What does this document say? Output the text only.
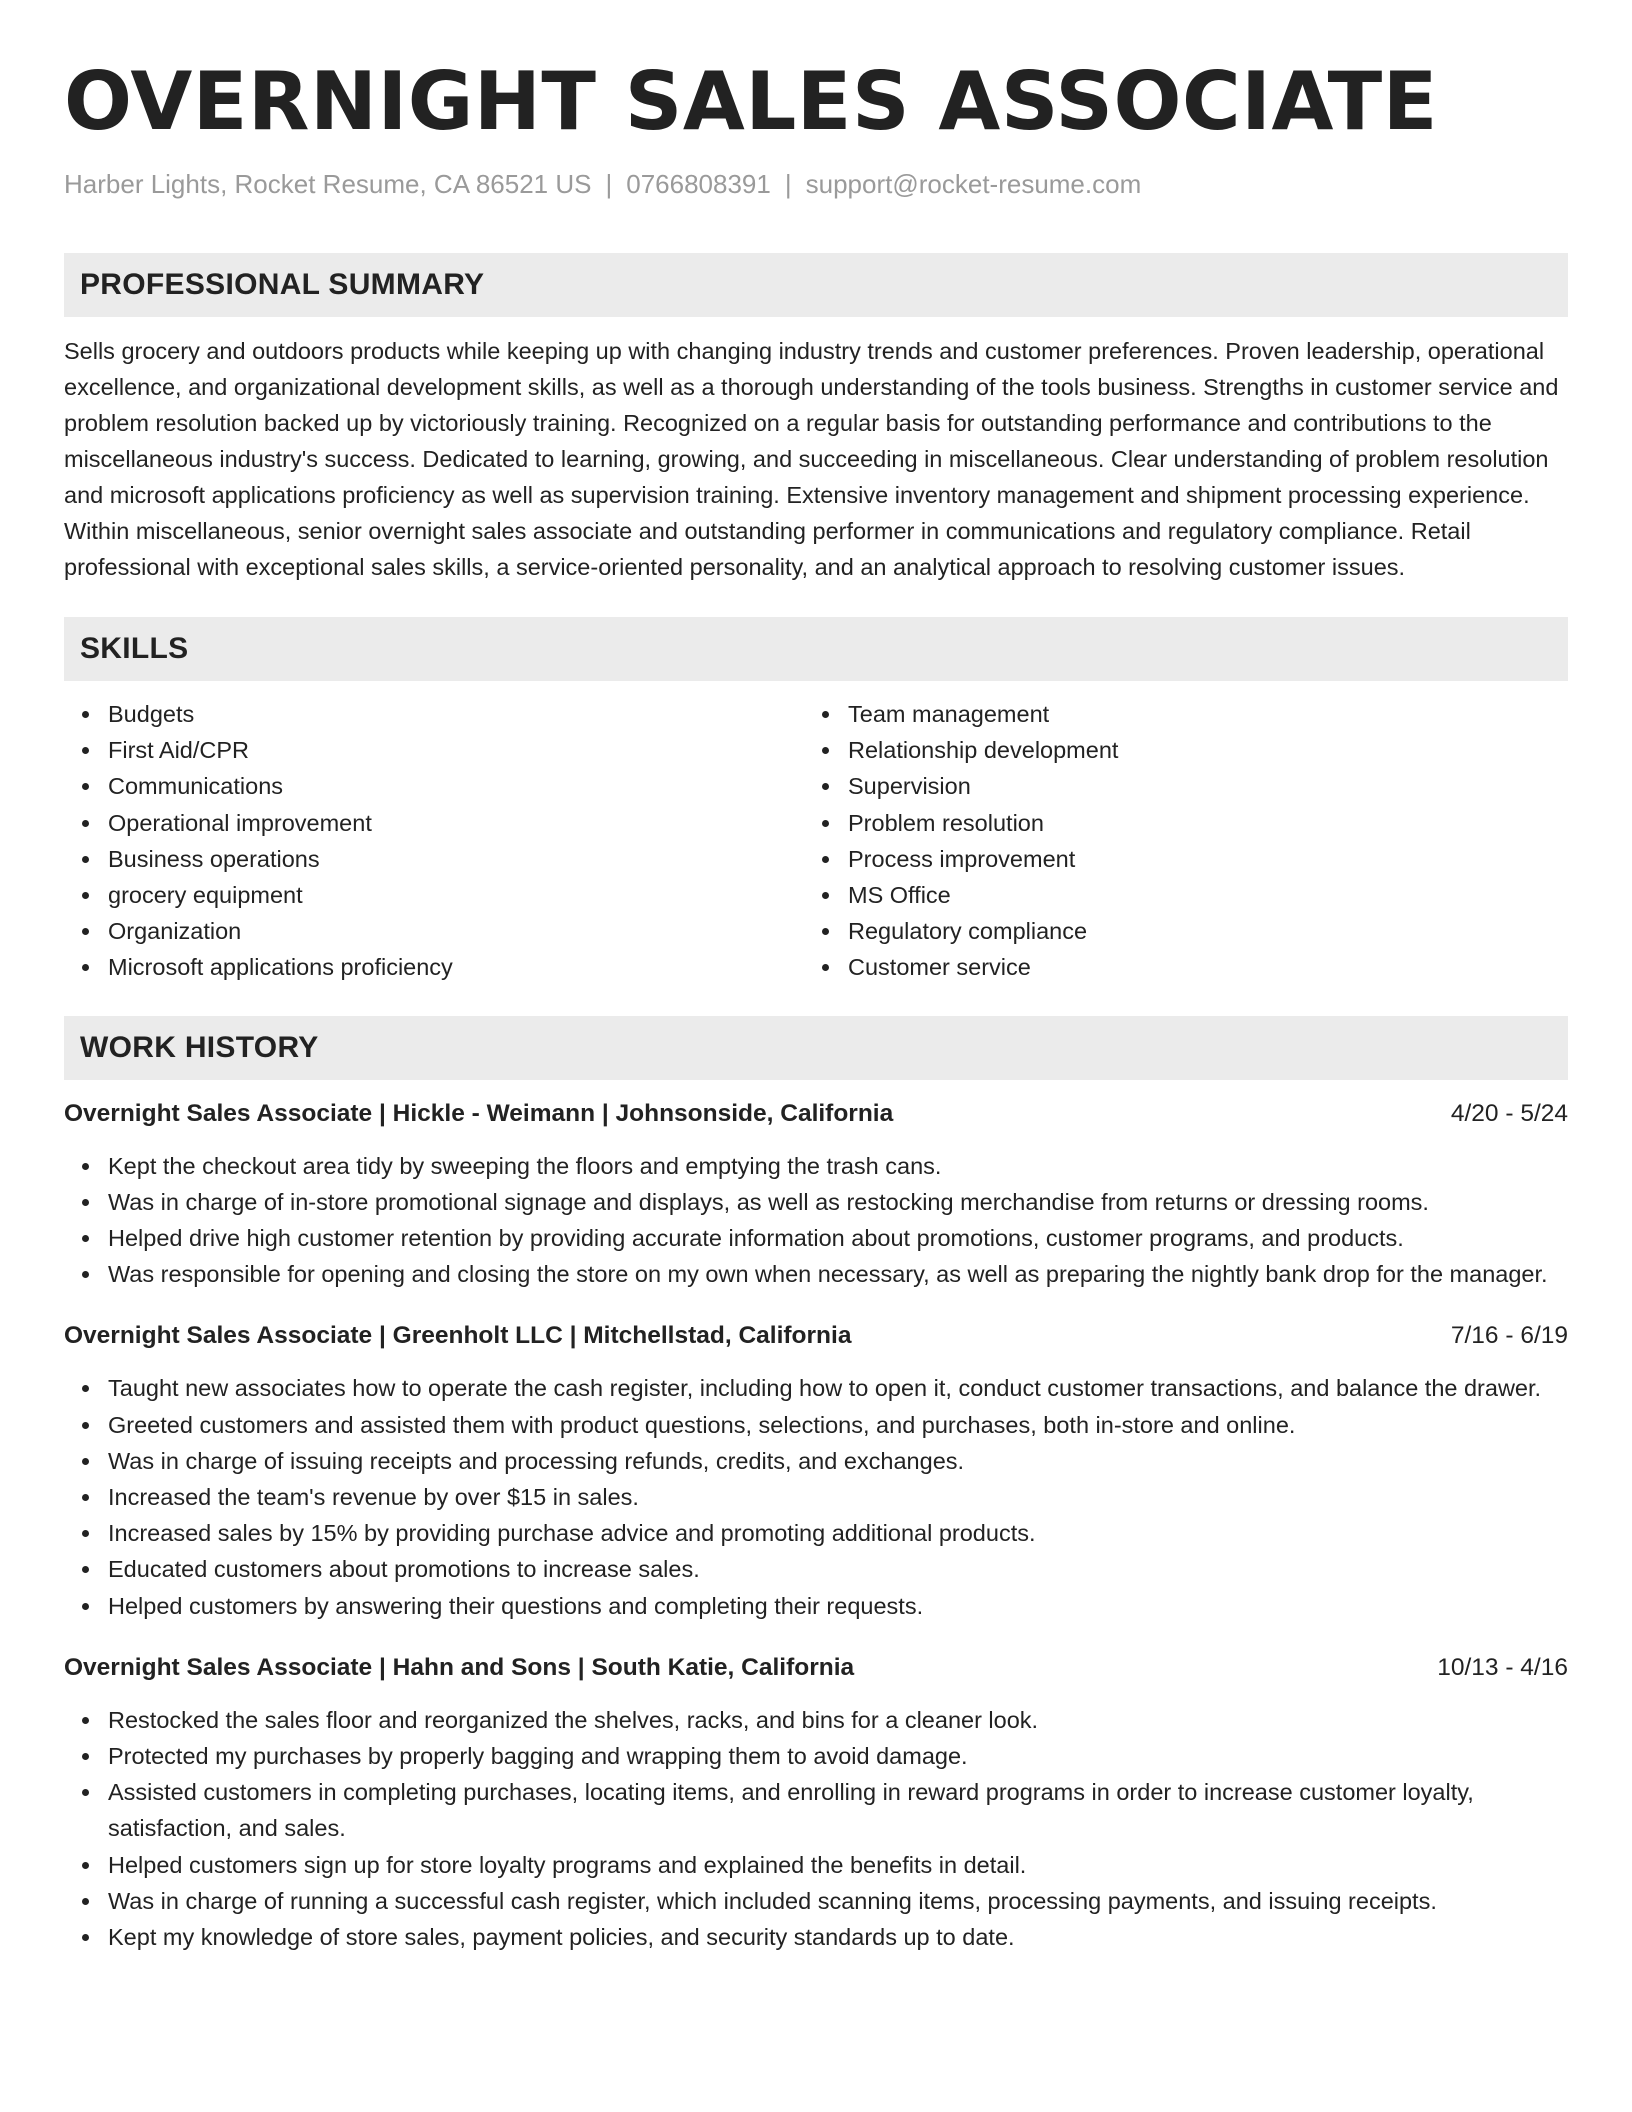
OVERNIGHT SALES ASSOCIATE
Harber Lights, Rocket Resume, CA 86521 US | 0766808391 | support@rocket-resume.com
PROFESSIONAL SUMMARY
Sells grocery and outdoors products while keeping up with changing industry trends and customer preferences. Proven leadership, operational excellence, and organizational development skills, as well as a thorough understanding of the tools business. Strengths in customer service and problem resolution backed up by victoriously training. Recognized on a regular basis for outstanding performance and contributions to the miscellaneous industry's success. Dedicated to learning, growing, and succeeding in miscellaneous. Clear understanding of problem resolution and microsoft applications proficiency as well as supervision training. Extensive inventory management and shipment processing experience. Within miscellaneous, senior overnight sales associate and outstanding performer in communications and regulatory compliance. Retail professional with exceptional sales skills, a service-oriented personality, and an analytical approach to resolving customer issues.
SKILLS
Budgets
First Aid/CPR
Communications
Operational improvement
Business operations
grocery equipment
Organization
Microsoft applications proficiency
Team management
Relationship development
Supervision
Problem resolution
Process improvement
MS Office
Regulatory compliance
Customer service
WORK HISTORY
Overnight Sales Associate | Hickle - Weimann | Johnsonside, California	4/20 - 5/24
Kept the checkout area tidy by sweeping the floors and emptying the trash cans.
Was in charge of in-store promotional signage and displays, as well as restocking merchandise from returns or dressing rooms.
Helped drive high customer retention by providing accurate information about promotions, customer programs, and products.
Was responsible for opening and closing the store on my own when necessary, as well as preparing the nightly bank drop for the manager.
Overnight Sales Associate | Greenholt LLC | Mitchellstad, California	7/16 - 6/19
Taught new associates how to operate the cash register, including how to open it, conduct customer transactions, and balance the drawer.
Greeted customers and assisted them with product questions, selections, and purchases, both in-store and online.
Was in charge of issuing receipts and processing refunds, credits, and exchanges.
Increased the team's revenue by over $15 in sales.
Increased sales by 15% by providing purchase advice and promoting additional products.
Educated customers about promotions to increase sales.
Helped customers by answering their questions and completing their requests.
Overnight Sales Associate | Hahn and Sons | South Katie, California	10/13 - 4/16
Restocked the sales floor and reorganized the shelves, racks, and bins for a cleaner look.
Protected my purchases by properly bagging and wrapping them to avoid damage.
Assisted customers in completing purchases, locating items, and enrolling in reward programs in order to increase customer loyalty, satisfaction, and sales.
Helped customers sign up for store loyalty programs and explained the benefits in detail.
Was in charge of running a successful cash register, which included scanning items, processing payments, and issuing receipts.
Kept my knowledge of store sales, payment policies, and security standards up to date.
